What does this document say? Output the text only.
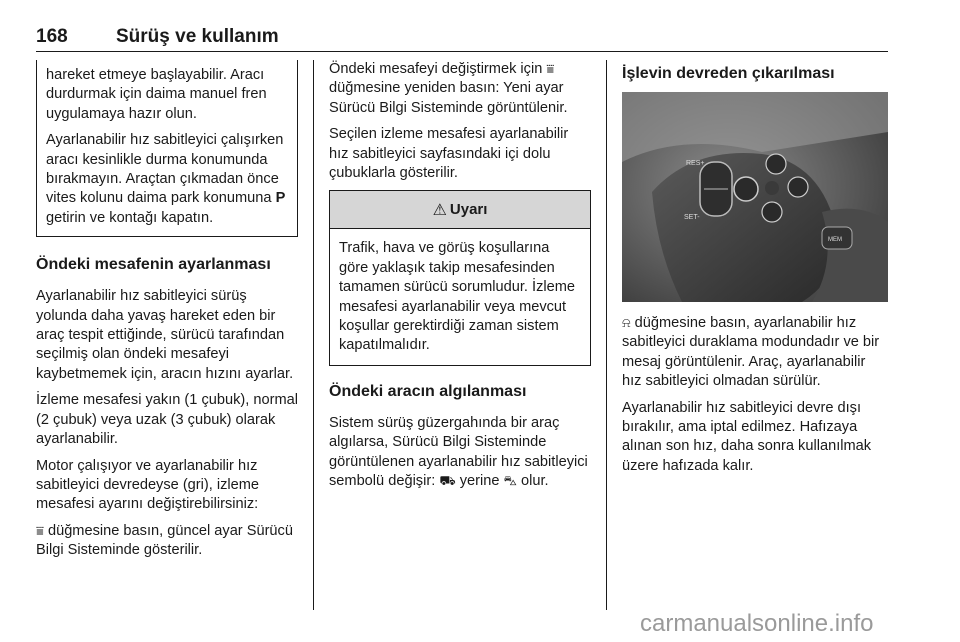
168	Sürüş ve kullanım

hareket etmeye başlayabilir. Aracı durdurmak için daima manuel fren uygulamaya hazır olun.

Ayarlanabilir hız sabitleyici çalışırken aracı kesinlikle durma konumunda bırakmayın. Araçtan çıkmadan önce vites kolunu daima park konumuna P getirin ve kontağı kapatın.

Öndeki mesafenin ayarlanması

Ayarlanabilir hız sabitleyici sürüş yolunda daha yavaş hareket eden bir araç tespit ettiğinde, sürücü tarafından seçilmiş olan öndeki mesafeyi kaybetmemek için, aracın hızını ayarlar.

İzleme mesafesi yakın (1 çubuk), normal (2 çubuk) veya uzak (3 çubuk) olarak ayarlanabilir.

Motor çalışıyor ve ayarlanabilir hız sabitleyici devredeyse (gri), izleme mesafesi ayarını değiştirebilirsiniz:

⩸ düğmesine basın, güncel ayar Sürücü Bilgi Sisteminde gösterilir.

Öndeki mesafeyi değiştirmek için ⩸ düğmesine yeniden basın: Yeni ayar Sürücü Bilgi Sisteminde görüntülenir.

Seçilen izleme mesafesi ayarlanabilir hız sabitleyici sayfasındaki içi dolu çubuklarla gösterilir.

⚠ Uyarı
Trafik, hava ve görüş koşullarına göre yaklaşık takip mesafesinden tamamen sürücü sorumludur. İzleme mesafesi ayarlanabilir veya mevcut koşullar gerektirdiği zaman sistem kapatılmalıdır.
Öndeki aracın algılanması

Sistem sürüş güzergahında bir araç algılarsa, Sürücü Bilgi Sisteminde görüntülenen ayarlanabilir hız sabitleyici sembolü değişir: ⛟ yerine ⛍ olur.

İşlevin devreden çıkarılması
RES+
SET-
MEM

⍾ düğmesine basın, ayarlanabilir hız sabitleyici duraklama modundadır ve bir mesaj görüntülenir. Araç, ayarlanabilir hız sabitleyici olmadan sürülür.

Ayarlanabilir hız sabitleyici devre dışı bırakılır, ama iptal edilmez. Hafızaya alınan son hız, daha sonra kullanılmak üzere hafızada kalır.

carmanualsonline.info
